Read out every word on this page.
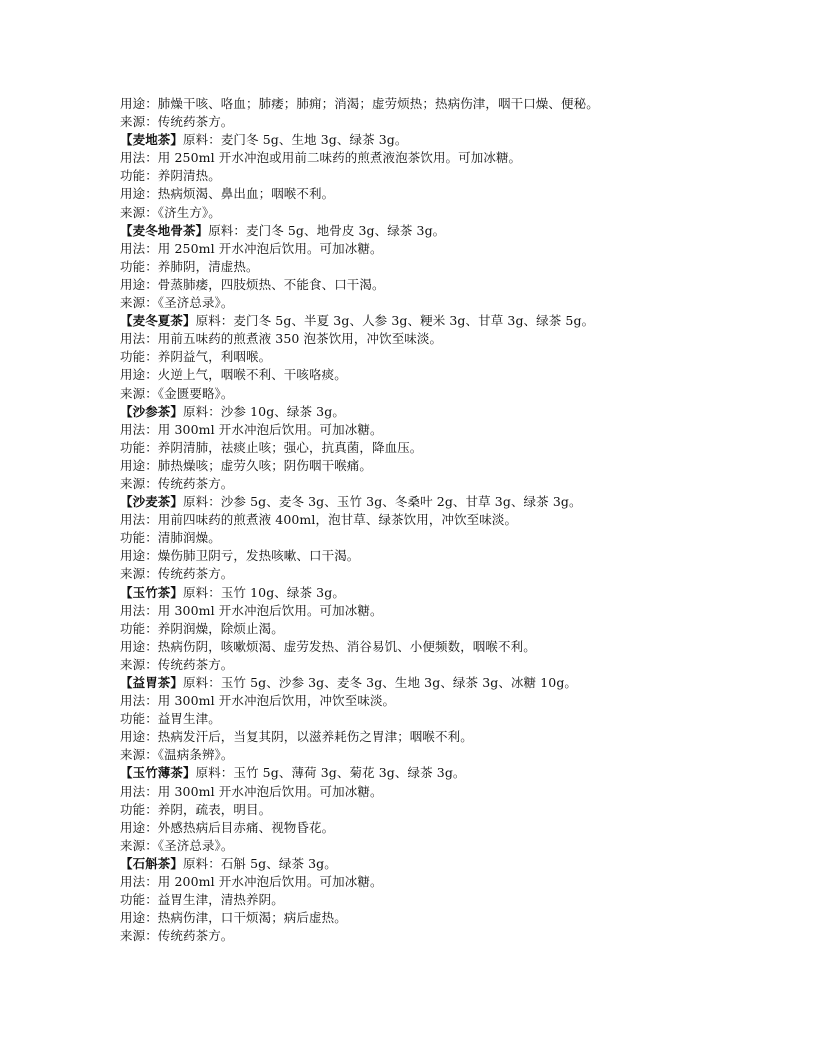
用途：肺燥干咳、咯血；肺痿；肺痈；消渴；虚劳烦热；热病伤津，咽干口燥、便秘。
来源：传统药茶方。
【麦地茶】原料：麦门冬 5g、生地 3g、绿茶 3g。
用法：用 250ml 开水冲泡或用前二味药的煎煮液泡茶饮用。可加冰糖。
功能：养阴清热。
用途：热病烦渴、鼻出血；咽喉不利。
来源：《济生方》。
【麦冬地骨茶】原料：麦门冬 5g、地骨皮 3g、绿茶 3g。
用法：用 250ml 开水冲泡后饮用。可加冰糖。
功能：养肺阴，清虚热。
用途：骨蒸肺痿，四肢烦热、不能食、口干渴。
来源：《圣济总录》。
【麦冬夏茶】原料：麦门冬 5g、半夏 3g、人参 3g、粳米 3g、甘草 3g、绿茶 5g。
用法：用前五味药的煎煮液 350 泡茶饮用，冲饮至味淡。
功能：养阴益气，利咽喉。
用途：火逆上气，咽喉不利、干咳咯痰。
来源：《金匮要略》。
【沙参茶】原料：沙参 10g、绿茶 3g。
用法：用 300ml 开水冲泡后饮用。可加冰糖。
功能：养阴清肺，祛痰止咳；强心，抗真菌，降血压。
用途：肺热燥咳；虚劳久咳；阴伤咽干喉痛。
来源：传统药茶方。
【沙麦茶】原料：沙参 5g、麦冬 3g、玉竹 3g、冬桑叶 2g、甘草 3g、绿茶 3g。
用法：用前四味药的煎煮液 400ml，泡甘草、绿茶饮用，冲饮至味淡。
功能：清肺润燥。
用途：燥伤肺卫阴亏，发热咳嗽、口干渴。
来源：传统药茶方。
【玉竹茶】原料：玉竹 10g、绿茶 3g。
用法：用 300ml 开水冲泡后饮用。可加冰糖。
功能：养阴润燥，除烦止渴。
用途：热病伤阴，咳嗽烦渴、虚劳发热、消谷易饥、小便频数，咽喉不利。
来源：传统药茶方。
【益胃茶】原料：玉竹 5g、沙参 3g、麦冬 3g、生地 3g、绿茶 3g、冰糖 10g。
用法：用 300ml 开水冲泡后饮用，冲饮至味淡。
功能：益胃生津。
用途：热病发汗后，当复其阴，以滋养耗伤之胃津；咽喉不利。
来源：《温病条辨》。
【玉竹薄茶】原料：玉竹 5g、薄荷 3g、菊花 3g、绿茶 3g。
用法：用 300ml 开水冲泡后饮用。可加冰糖。
功能：养阴，疏表，明目。
用途：外感热病后目赤痛、视物昏花。
来源：《圣济总录》。
【石斛茶】原料：石斛 5g、绿茶 3g。
用法：用 200ml 开水冲泡后饮用。可加冰糖。
功能：益胃生津，清热养阴。
用途：热病伤津，口干烦渴；病后虚热。
来源：传统药茶方。
